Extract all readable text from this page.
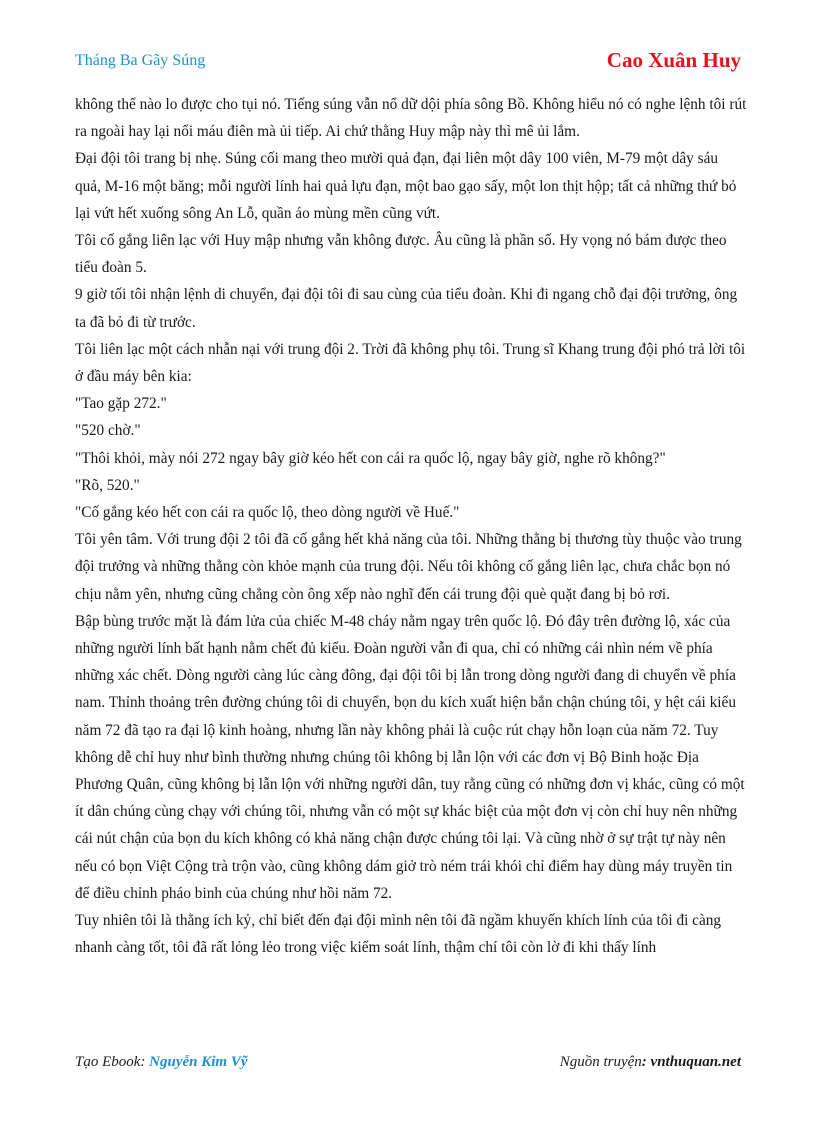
Tháng Ba Gãy Súng	Cao Xuân Huy

không thể nào lo được cho tụi nó. Tiếng súng vẫn nổ dữ dội phía sông Bồ. Không hiểu nó có nghe lệnh tôi rút ra ngoài hay lại nổi máu điên mà ủi tiếp. Ai chứ thằng Huy mập này thì mê ủi lắm.

Đại đội tôi trang bị nhẹ. Súng cối mang theo mười quả đạn, đại liên một dây 100 viên, M-79 một dây sáu quả, M-16 một băng; mỗi người lính hai quả lựu đạn, một bao gạo sấy, một lon thịt hộp; tất cả những thứ bỏ lại vứt hết xuống sông An Lỗ, quần áo mùng mền cũng vứt.

Tôi cố gắng liên lạc với Huy mập nhưng vẫn không được. Âu cũng là phần số. Hy vọng nó bám được theo tiểu đoàn 5.

9 giờ tối tôi nhận lệnh di chuyển, đại đội tôi đi sau cùng của tiểu đoàn. Khi đi ngang chỗ đại đội trưởng, ông ta đã bỏ đi từ trước.

Tôi liên lạc một cách nhẫn nại với trung đội 2. Trời đã không phụ tôi. Trung sĩ Khang trung đội phó trả lời tôi ở đầu máy bên kia:

"Tao gặp 272."

"520 chờ."

"Thôi khỏi, mày nói 272 ngay bây giờ kéo hết con cái ra quốc lộ, ngay bây giờ, nghe rõ không?"

"Rõ, 520."

"Cố gắng kéo hết con cái ra quốc lộ, theo dòng người về Huế."

Tôi yên tâm. Với trung đội 2 tôi đã cố gắng hết khả năng của tôi. Những thằng bị thương tùy thuộc vào trung đội trưởng và những thằng còn khỏe mạnh của trung đội. Nếu tôi không cố gắng liên lạc, chưa chắc bọn nó chịu nằm yên, nhưng cũng chẳng còn ông xếp nào nghĩ đến cái trung đội què quặt đang bị bỏ rơi.

Bập bùng trước mặt là đám lửa của chiếc M-48 cháy nằm ngay trên quốc lộ. Đó đây trên đường lộ, xác của những người lính bất hạnh nằm chết đủ kiểu. Đoàn người vẫn đi qua, chỉ có những cái nhìn ném về phía những xác chết. Dòng người càng lúc càng đông, đại đội tôi bị lẫn trong dòng người đang di chuyển về phía nam. Thỉnh thoảng trên đường chúng tôi di chuyển, bọn du kích xuất hiện bắn chận chúng tôi, y hệt cái kiểu năm 72 đã tạo ra đại lộ kinh hoàng, nhưng lần này không phải là cuộc rút chạy hỗn loạn của năm 72. Tuy không dễ chỉ huy như bình thường nhưng chúng tôi không bị lẫn lộn với các đơn vị Bộ Binh hoặc Địa Phương Quân, cũng không bị lẫn lộn với những người dân, tuy rằng cũng có những đơn vị khác, cũng có một ít dân chúng cùng chạy với chúng tôi, nhưng vẫn có một sự khác biệt của một đơn vị còn chỉ huy nên những cái nút chận của bọn du kích không có khả năng chận được chúng tôi lại. Và cũng nhờ ở sự trật tự này nên nếu có bọn Việt Cộng trà trộn vào, cũng không dám giở trò ném trái khói chỉ điểm hay dùng máy truyền tin để điều chỉnh pháo binh của chúng như hồi năm 72.

Tuy nhiên tôi là thằng ích kỷ, chỉ biết đến đại đội mình nên tôi đã ngầm khuyến khích lính của tôi đi càng nhanh càng tốt, tôi đã rất lỏng lẻo trong việc kiểm soát lính, thậm chí tôi còn lờ đi khi thấy lính

Tạo Ebook: Nguyễn Kim Vỹ	Nguồn truyện: vnthuquan.net
